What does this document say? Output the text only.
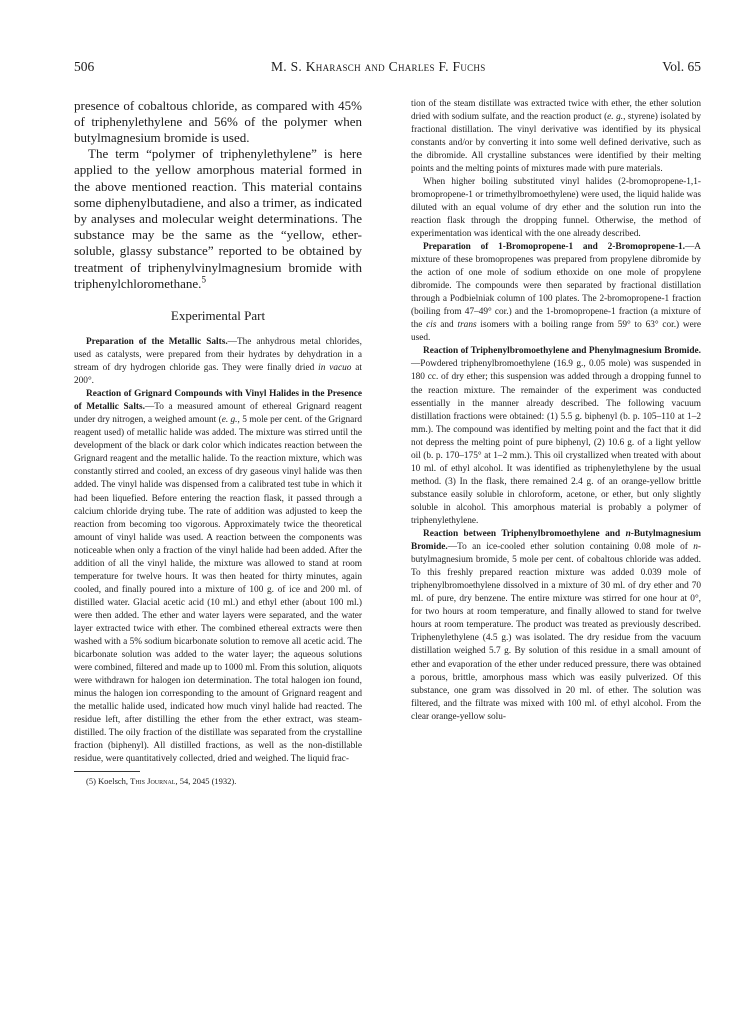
506	M. S. Kharasch and Charles F. Fuchs	Vol. 65

presence of cobaltous chloride, as compared with 45% of triphenylethylene and 56% of the polymer when butylmagnesium bromide is used.

The term “polymer of triphenylethylene” is here applied to the yellow amorphous material formed in the above mentioned reaction. This material contains some diphenylbutadiene, and also a trimer, as indicated by analyses and molecular weight determinations. The substance may be the same as the “yellow, ether-soluble, glassy substance” reported to be obtained by treatment of triphenylvinylmagnesium bromide with triphenylchloromethane.$^5$

Experimental Part

Preparation of the Metallic Salts.—The anhydrous metal chlorides, used as catalysts, were prepared from their hydrates by dehydration in a stream of dry hydrogen chloride gas. They were finally dried in vacuo at 200°.

Reaction of Grignard Compounds with Vinyl Halides in the Presence of Metallic Salts.—To a measured amount of ethereal Grignard reagent under dry nitrogen, a weighed amount (e. g., 5 mole per cent. of the Grignard reagent used) of metallic halide was added. The mixture was stirred until the development of the black or dark color which indicates reaction between the Grignard reagent and the metallic halide. To the reaction mixture, which was constantly stirred and cooled, an excess of dry gaseous vinyl halide was then added. The vinyl halide was dispensed from a calibrated test tube in which it had been liquefied. Before entering the reaction flask, it passed through a calcium chloride drying tube. The rate of addition was adjusted to keep the reaction from becoming too vigorous. Approximately twice the theoretical amount of vinyl halide was used. A reaction between the components was noticeable when only a fraction of the vinyl halide had been added. After the addition of all the vinyl halide, the mixture was allowed to stand at room temperature for twelve hours. It was then heated for thirty minutes, again cooled, and finally poured into a mixture of 100 g. of ice and 200 ml. of distilled water. Glacial acetic acid (10 ml.) and ethyl ether (about 100 ml.) were then added. The ether and water layers were separated, and the water layer extracted twice with ether. The combined ethereal extracts were then washed with a 5% sodium bicarbonate solution to remove all acetic acid. The bicarbonate solution was added to the water layer; the aqueous solutions were combined, filtered and made up to 1000 ml. From this solution, aliquots were withdrawn for halogen ion determination. The total halogen ion found, minus the halogen ion corresponding to the amount of Grignard reagent and the metallic halide used, indicated how much vinyl halide had reacted. The residue left, after distilling the ether from the ether extract, was steam-distilled. The oily fraction of the distillate was separated from the crystalline fraction (biphenyl). All distilled fractions, as well as the non-distillable residue, were quantitatively collected, dried and weighed. The liquid frac-

(5) Koelsch, This Journal, 54, 2045 (1932).

tion of the steam distillate was extracted twice with ether, the ether solution dried with sodium sulfate, and the reaction product (e. g., styrene) isolated by fractional distillation. The vinyl derivative was identified by its physical constants and/or by converting it into some well defined derivative, such as the dibromide. All crystalline substances were identified by their melting points and the melting points of mixtures made with pure materials.

When higher boiling substituted vinyl halides (2-bromopropene-1,1-bromopropene-1 or trimethylbromoethylene) were used, the liquid halide was diluted with an equal volume of dry ether and the solution run into the reaction flask through the dropping funnel. Otherwise, the method of experimentation was identical with the one already described.

Preparation of 1-Bromopropene-1 and 2-Bromopropene-1.—A mixture of these bromopropenes was prepared from propylene dibromide by the action of one mole of sodium ethoxide on one mole of propylene dibromide. The compounds were then separated by fractional distillation through a Podbielniak column of 100 plates. The 2-bromopropene-1 fraction (boiling from 47–49° cor.) and the 1-bromopropene-1 fraction (a mixture of the cis and trans isomers with a boiling range from 59° to 63° cor.) were used.

Reaction of Triphenylbromoethylene and Phenylmagnesium Bromide.—Powdered triphenylbromoethylene (16.9 g., 0.05 mole) was suspended in 180 cc. of dry ether; this suspension was added through a dropping funnel to the reaction mixture. The remainder of the experiment was conducted essentially in the manner already described. The following vacuum distillation fractions were obtained: (1) 5.5 g. biphenyl (b. p. 105–110 at 1–2 mm.). The compound was identified by melting point and the fact that it did not depress the melting point of pure biphenyl, (2) 10.6 g. of a light yellow oil (b. p. 170–175° at 1–2 mm.). This oil crystallized when treated with about 10 ml. of ethyl alcohol. It was identified as triphenylethylene by the usual method. (3) In the flask, there remained 2.4 g. of an orange-yellow brittle substance easily soluble in chloroform, acetone, or ether, but only slightly soluble in alcohol. This amorphous material is probably a polymer of triphenylethylene.

Reaction between Triphenylbromoethylene and n-Butylmagnesium Bromide.—To an ice-cooled ether solution containing 0.08 mole of n-butylmagnesium bromide, 5 mole per cent. of cobaltous chloride was added. To this freshly prepared reaction mixture was added 0.039 mole of triphenylbromoethylene dissolved in a mixture of 30 ml. of dry ether and 70 ml. of pure, dry benzene. The entire mixture was stirred for one hour at 0°, for two hours at room temperature, and finally allowed to stand for twelve hours at room temperature. The product was treated as previously described. Triphenylethylene (4.5 g.) was isolated. The dry residue from the vacuum distillation weighed 5.7 g. By solution of this residue in a small amount of ether and evaporation of the ether under reduced pressure, there was obtained a porous, brittle, amorphous mass which was easily pulverized. Of this substance, one gram was dissolved in 20 ml. of ether. The solution was filtered, and the filtrate was mixed with 100 ml. of ethyl alcohol. From the clear orange-yellow solu-
